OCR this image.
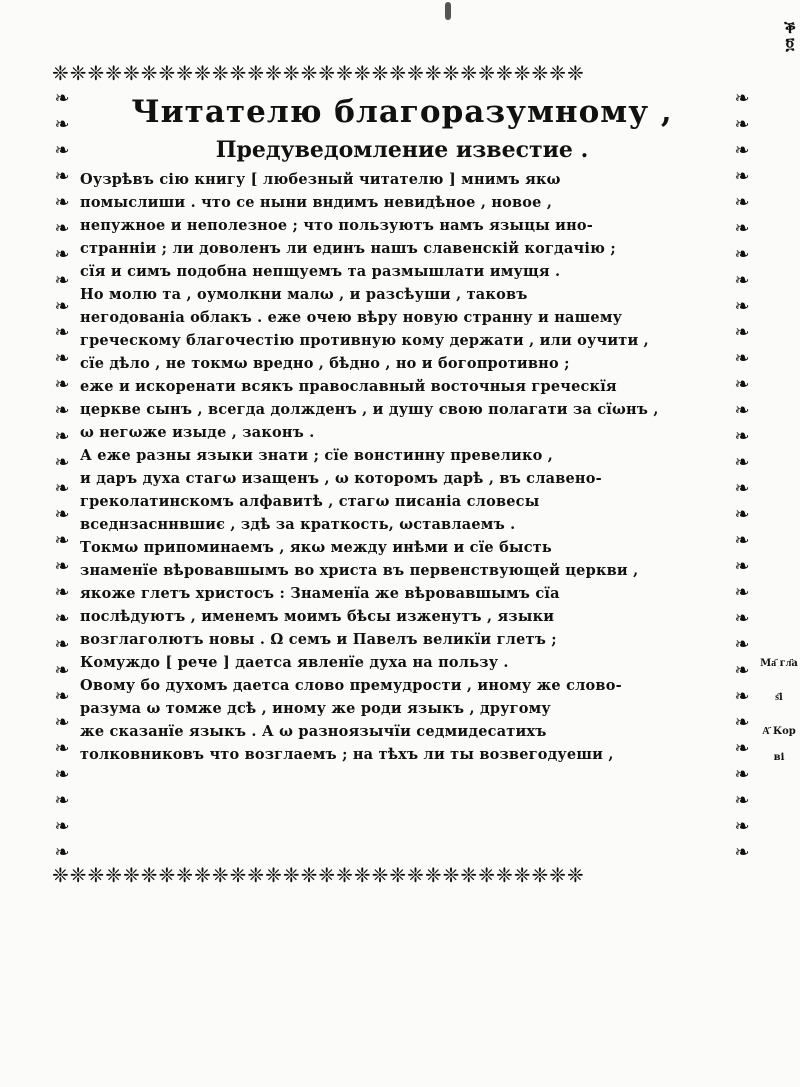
ቕ ፬
❈❈❈❈❈❈❈❈❈❈❈❈❈❈❈❈❈❈❈❈❈❈❈❈❈❈❈❈❈❈
❧ ❧ ❧ ❧ ❧ ❧ ❧ ❧ ❧ ❧ ❧ ❧ ❧ ❧ ❧ ❧ ❧ ❧ ❧ ❧ ❧ ❧ ❧ ❧ ❧ ❧ ❧ ❧ ❧ ❧
❧ ❧ ❧ ❧ ❧ ❧ ❧ ❧ ❧ ❧ ❧ ❧ ❧ ❧ ❧ ❧ ❧ ❧ ❧ ❧ ❧ ❧ ❧ ❧ ❧ ❧ ❧ ❧ ❧ ❧
❈❈❈❈❈❈❈❈❈❈❈❈❈❈❈❈❈❈❈❈❈❈❈❈❈❈❈❈❈❈
Читателю благоразумному ,
Предуведомление известие .

Оузрѣвъ сію книгу [ любезный читателю ] мнимъ якω

помыслиши . что се ныни вндимъ невидѣное , новое ,

непужное и неполезное ; что пользуютъ намъ языцы ино-

странніи ; ли доволенъ ли единъ нашъ славенскій когдачію ;

сїя и симъ подобна непщуемъ та размышлати имущя .

Но молю та , оумолкни малω , и разсѣуши , таковъ

негодованіа облакъ . еже очею вѣру новую странну и нашему

греческому благочестію противную кому держати , или оучити ,

сїе дѣло , не токмω вредно , бѣдно , но и богопротивно ;

еже и искоренати всякъ православный восточныя греческїя

церкве сынъ , всегда должденъ , и душу свою полагати за сїωнъ ,

ω негωже изыде , законъ .

А еже разны языки знати ; сїе вонстинну превелико ,

и даръ духа стагω изащенъ , ω которомъ дарѣ , въ славено-

греколатинскомъ алфавитѣ , стагω писаніа словесы

вседнзасннвшиє , здѣ за краткость, ωставлаемъ .

Токмω припоминаемъ , якω между инѣми и сїе бысть

знаменїе вѣровавшымъ во христа въ первенствующей церкви ,

якоже глетъ христосъ : Знаменїа же вѣровавшымъ сїа

послѣдуютъ , именемъ моимъ бѣсы изженутъ , языки

возглаголютъ новы . Ω семъ и Павелъ великїи глетъ ;

Комуждо [ рече ] даетса явленїе духа на пользу .

Овому бо духомъ даетса слово премудрости , иному же слово-

разума ω томже дсѣ , иному же роди языкъ , другому

же сказанїе языкъ . А ω разноязычїи седмидесатихъ

толковниковъ что возглаемъ ; на тѣхъ ли ты возвегодуеши ,

Ма҃ гл҃а
ѕ҃і
А҃ Кор
ві
